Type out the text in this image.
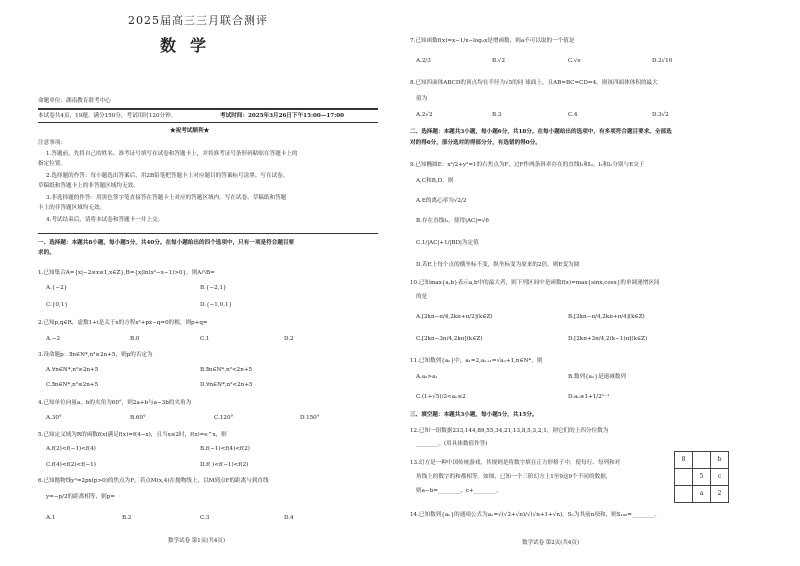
2025届高三三月联合测评
数学
命题单位：湖南教育联考中心
本试卷共4页，19题。满分150分，考试用时120分钟。	考试时间：2025年3月26日下午15:00—17:00
★祝考试顺利★
注意事项：
1.答题前，先将自己的姓名、准考证号填写在试卷和答题卡上，并将准考证号条形码粘贴在答题卡上的
指定位置。
2.选择题的作答：每小题选出答案后，用2B铅笔把答题卡上对应题目的答案标号涂黑。写在试卷、
草稿纸和答题卡上的非答题区域均无效。
3.非选择题的作答：用黑色签字笔直接答在答题卡上对应的答题区域内。写在试卷、草稿纸和答题
卡上的非答题区域均无效。
4.考试结束后，请将本试卷和答题卡一并上交。
一、选择题：本题共8小题，每小题5分，共40分。在每小题给出的四个选项中，只有一项是符合题目要
求的。
1.已知集合A={x|−2≤x≤1,x∈Z},B={x|ln(x²−x−1)>0}，则A∩B=
A.{−2}	B.{−2,1}
C.{0,1}	D.{−1,0,1}
2.已知p,q∈R，虚数1+i是关于x的方程x²+px−q=0的根，则p+q=
A.−2	B.0	C.1	D.2
3.设命题p：∃n∈N*,n²≥2n+5，则p的否定为
A.∀n∈N*,n²≥2n+5	B.∃n∈N*,n²<2n+5
C.∃n∈N*,n²≤2n+5	D.∀n∈N*,n²<2n+5
4.已知单位向量a，b的夹角为60°，则2a+b与a−3b的夹角为
A.30°	B.60°	C.120°	D.150°
5.已知定义域为R的函数f(x)满足f(x)=f(4−x)，且当x≤2时，f(x)=e^x，则
A.f(2)<f(−1)<f(4)	B.f(−1)<f(4)<f(2)
C.f(4)<f(2)<f(−1)	D.f( )<f(−1)<f(2)
6.已知抛物线y²=2px(p>0)的焦点为F，若点M(x,4)在抛物线上，以M到点F的距离与到直线
y=−p/2的距离相等，则p=
A.1	B.2	C.3	D.4
数学试卷 第1页(共4页)
7.已知函数f(x)=x−1/x−log₂x是增函数，则a不可以取的一个值是
A.2/3	B.√2	C.√e	D.2√10
8.已知四面体ABCD的顶点均在半径为√5的同 球面上，且AB=BC=CD=4，则该四面体体积的最大
值为
A.2√2	B.3	C.4	D.3√2
二、选择题：本题共3小题，每小题6分，共18分。在每小题给出的选项中，有多项符合题目要求。全部选
对的得6分，部分选对的得部分分，有选错的得0分。
9.已知椭圆E：x²/2+y²=1的右焦点为F，过F作两条斜率存在的直线l₁和l₂，l₁和l₂分别与E交于
A,C和B,D，则
A.E的离心率为√2/2
B.存在直线l₁，使得|AC|=√6
C.1/|AC|+1/|BD|为定值
D.若E上每个点的横坐标不变，纵坐标变为原来的2倍，则E变为圆
10.已知max{a,b}表示a,b中的最大者，则下列区间中是函数f(x)=max{sinx,cosx}的单调递增区间
的是
A.[2kπ−π/4,2kπ+π/2](k∈Z)	B.[2kπ−π/4,2kπ+π/4](k∈Z)
C.[2kπ−3π/4,2kπ](k∈Z)	D.[2kπ+3π/4,2(k−1)π](k∈Z)
11.已知数列{aₙ}中，a₁=2,aₙ₊₁=√aₙ+1,n∈N*，则
A.a₂>a₁	B.数列{aₙ}是递减数列
C.(1+√5)/2<aₙ≤2	D.aₙ≥1+1/2ⁿ⁻¹
三、填空题：本题共3小题，每小题5分，共15分。
12.已知一组数据233,144,89,55,34,21,13,8,5,3,2,1，则它们的上四分位数为
________。(用具体数值作答)
13.幻方是一种中国传统游戏，其规则是将数字填在正方形格子中，使每行、每列和对
角线上的数字的和都相等。如图，已知一个三阶幻方上1至9这9个不同的数据，
则a−b=________，c+________。
14.已知数列{aₙ}的通项公式为aₙ=√(√2+√n)/√(√n+1+√n)，Sₙ为其前n项和，则S₁₀₀=________。
数学试卷 第2页(共4页)
8		b
	5	c
	a	2
